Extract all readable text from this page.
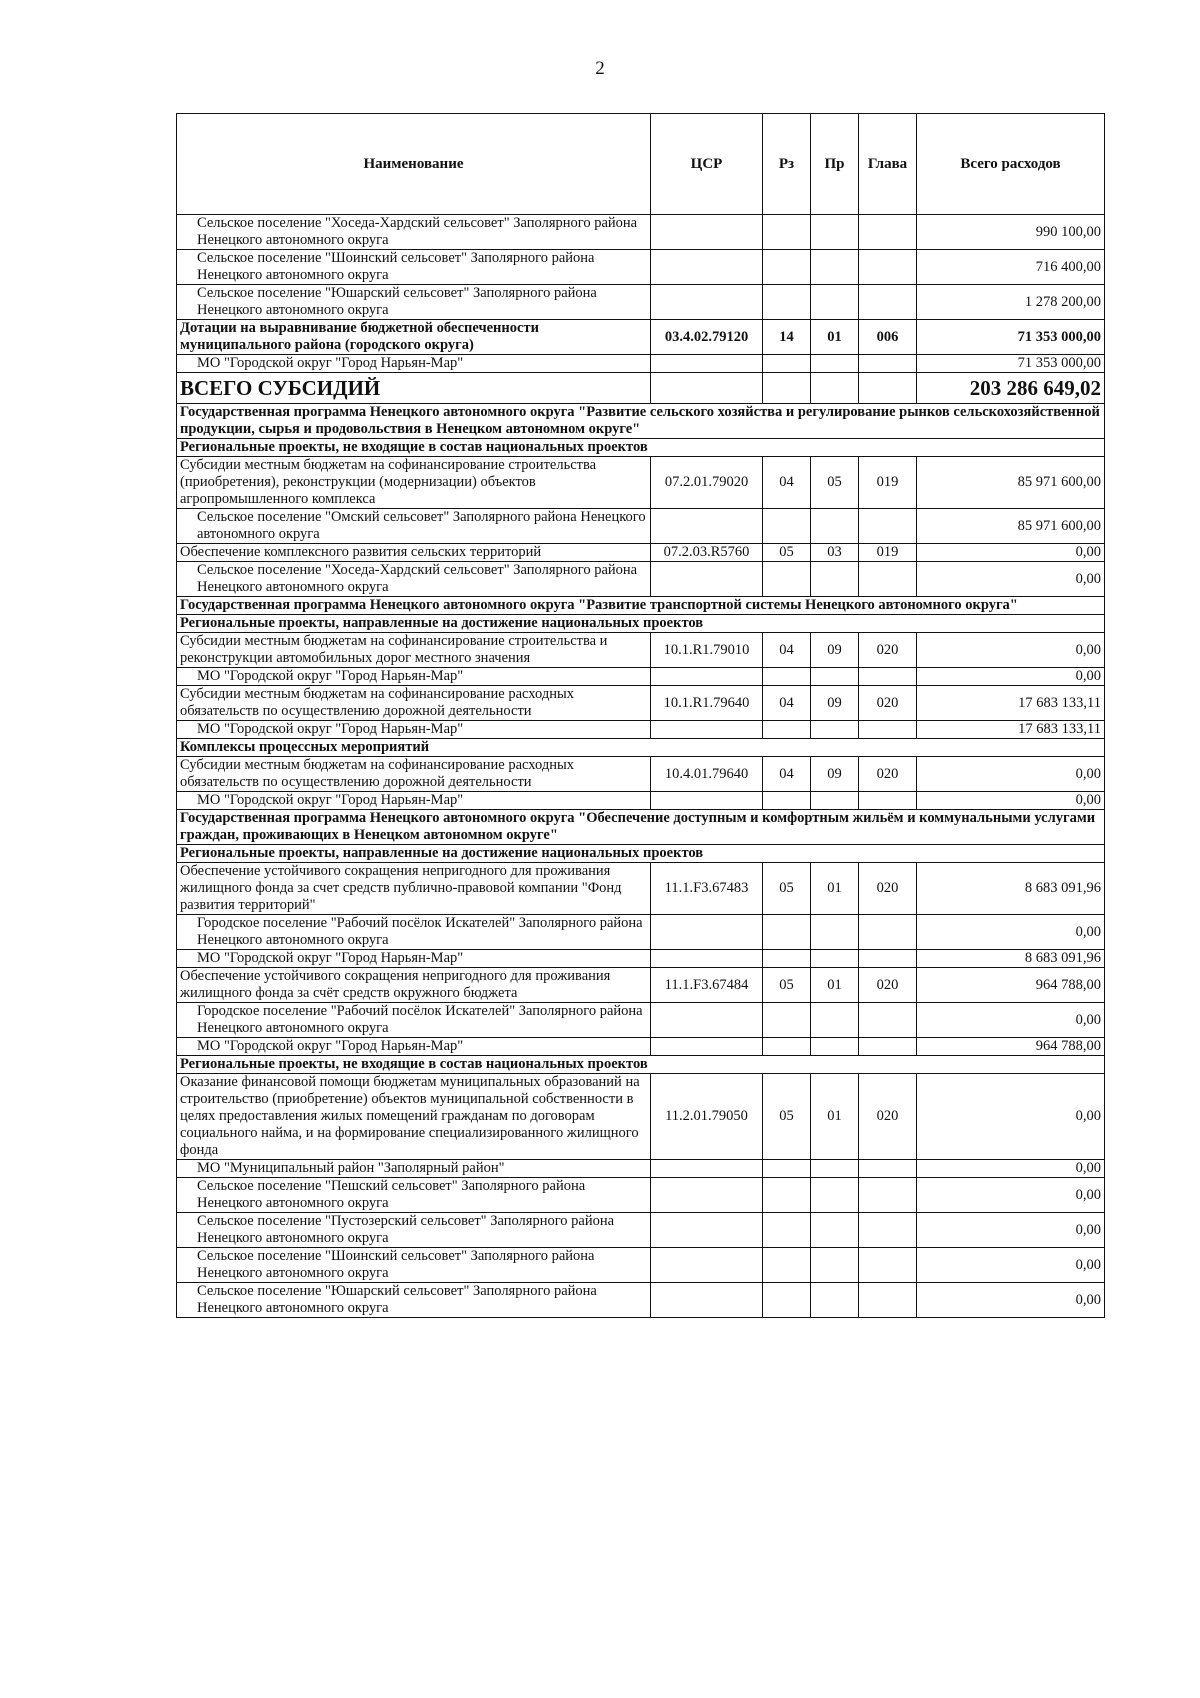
2
Наименование	ЦСР	Рз	Пр	Глава	Всего расходов
Сельское поселение "Хоседа-Хардский сельсовет" Заполярного района Ненецкого автономного округа					990 100,00
Сельское поселение "Шоинский сельсовет" Заполярного района Ненецкого автономного округа					716 400,00
Сельское поселение "Юшарский сельсовет" Заполярного района Ненецкого автономного округа					1 278 200,00
Дотации на выравнивание бюджетной обеспеченности муниципального района (городского округа)	03.4.02.79120	14	01	006	71 353 000,00
МО "Городской округ "Город Нарьян-Мар"					71 353 000,00
ВСЕГО СУБСИДИЙ					203 286 649,02
Государственная программа Ненецкого автономного округа "Развитие сельского хозяйства и регулирование рынков сельскохозяйственной продукции, сырья и продовольствия в Ненецком автономном округе"					
Региональные проекты, не входящие в состав национальных проектов					
Субсидии местным бюджетам на софинансирование строительства (приобретения), реконструкции (модернизации) объектов агропромышленного комплекса	07.2.01.79020	04	05	019	85 971 600,00
Сельское поселение "Омский сельсовет" Заполярного района Ненецкого автономного округа					85 971 600,00
Обеспечение комплексного развития сельских территорий	07.2.03.R5760	05	03	019	0,00
Сельское поселение "Хоседа-Хардский сельсовет" Заполярного района Ненецкого автономного округа					0,00
Государственная программа Ненецкого автономного округа "Развитие транспортной системы Ненецкого автономного округа"					
Региональные проекты, направленные на достижение национальных проектов					
Субсидии местным бюджетам на софинансирование строительства и реконструкции автомобильных дорог местного значения	10.1.R1.79010	04	09	020	0,00
МО "Городской округ "Город Нарьян-Мар"					0,00
Субсидии местным бюджетам на софинансирование расходных обязательств по осуществлению дорожной деятельности	10.1.R1.79640	04	09	020	17 683 133,11
МО "Городской округ "Город Нарьян-Мар"					17 683 133,11
Комплексы процессных мероприятий					
Субсидии местным бюджетам на софинансирование расходных обязательств по осуществлению дорожной деятельности	10.4.01.79640	04	09	020	0,00
МО "Городской округ "Город Нарьян-Мар"					0,00
Государственная программа Ненецкого автономного округа "Обеспечение доступным и комфортным жильём и коммунальными услугами граждан, проживающих в Ненецком автономном округе"					
Региональные проекты, направленные на достижение национальных проектов					
Обеспечение устойчивого сокращения непригодного для проживания жилищного фонда за счет средств публично-правовой компании "Фонд развития территорий"	11.1.F3.67483	05	01	020	8 683 091,96
Городское поселение "Рабочий посёлок Искателей" Заполярного района Ненецкого автономного округа					0,00
МО "Городской округ "Город Нарьян-Мар"					8 683 091,96
Обеспечение устойчивого сокращения непригодного для проживания жилищного фонда за счёт средств окружного бюджета	11.1.F3.67484	05	01	020	964 788,00
Городское поселение "Рабочий посёлок Искателей" Заполярного района Ненецкого автономного округа					0,00
МО "Городской округ "Город Нарьян-Мар"					964 788,00
Региональные проекты, не входящие в состав национальных проектов					
Оказание финансовой помощи бюджетам муниципальных образований на строительство (приобретение) объектов муниципальной собственности в целях предоставления жилых помещений гражданам по договорам социального найма, и на формирование специализированного жилищного фонда	11.2.01.79050	05	01	020	0,00
МО "Муниципальный район "Заполярный район"					0,00
Сельское поселение "Пешский сельсовет" Заполярного района Ненецкого автономного округа					0,00
Сельское поселение "Пустозерский сельсовет" Заполярного района Ненецкого автономного округа					0,00
Сельское поселение "Шоинский сельсовет" Заполярного района Ненецкого автономного округа					0,00
Сельское поселение "Юшарский сельсовет" Заполярного района Ненецкого автономного округа					0,00
